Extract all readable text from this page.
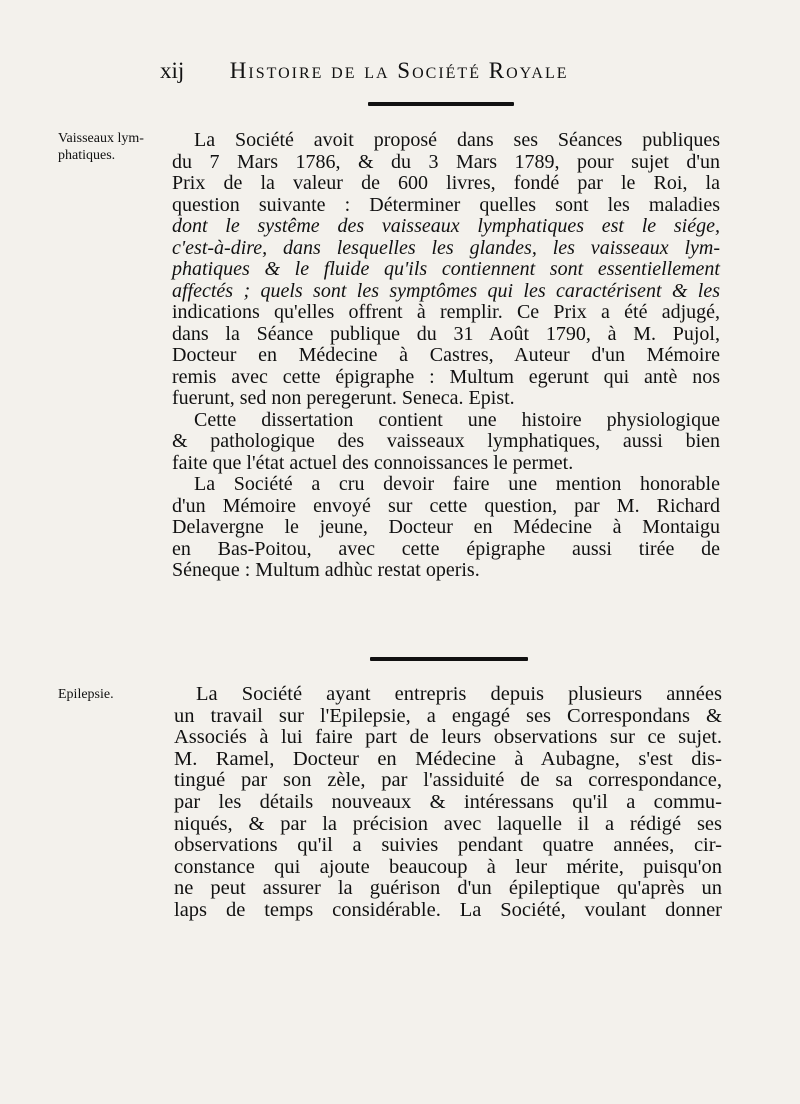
xij Histoire de la Société Royale
Vaisseaux lym-
phatiques.
La Société avoit proposé dans ses Séances publiques
du 7 Mars 1786, & du 3 Mars 1789, pour sujet d'un
Prix de la valeur de 600 livres, fondé par le Roi, la
question suivante : Déterminer quelles sont les maladies
dont le systême des vaisseaux lymphatiques est le siége,
c'est-à-dire, dans lesquelles les glandes, les vaisseaux lym-
phatiques & le fluide qu'ils contiennent sont essentiellement
affectés ; quels sont les symptômes qui les caractérisent & les
indications qu'elles offrent à remplir. Ce Prix a été adjugé,
dans la Séance publique du 31 Août 1790, à M. Pujol,
Docteur en Médecine à Castres, Auteur d'un Mémoire
remis avec cette épigraphe : Multum egerunt qui antè nos
fuerunt, sed non peregerunt. Seneca. Epist.
Cette dissertation contient une histoire physiologique
& pathologique des vaisseaux lymphatiques, aussi bien
faite que l'état actuel des connoissances le permet.
La Société a cru devoir faire une mention honorable
d'un Mémoire envoyé sur cette question, par M. Richard
Delavergne le jeune, Docteur en Médecine à Montaigu
en Bas-Poitou, avec cette épigraphe aussi tirée de
Séneque : Multum adhùc restat operis.
Epilepsie.	La Société ayant entrepris depuis plusieurs années
un travail sur l'Epilepsie, a engagé ses Correspondans &
Associés à lui faire part de leurs observations sur ce sujet.
M. Ramel, Docteur en Médecine à Aubagne, s'est dis-
tingué par son zèle, par l'assiduité de sa correspondance,
par les détails nouveaux & intéressans qu'il a commu-
niqués, & par la précision avec laquelle il a rédigé ses
observations qu'il a suivies pendant quatre années, cir-
constance qui ajoute beaucoup à leur mérite, puisqu'on
ne peut assurer la guérison d'un épileptique qu'après un
laps de temps considérable. La Société, voulant donner
